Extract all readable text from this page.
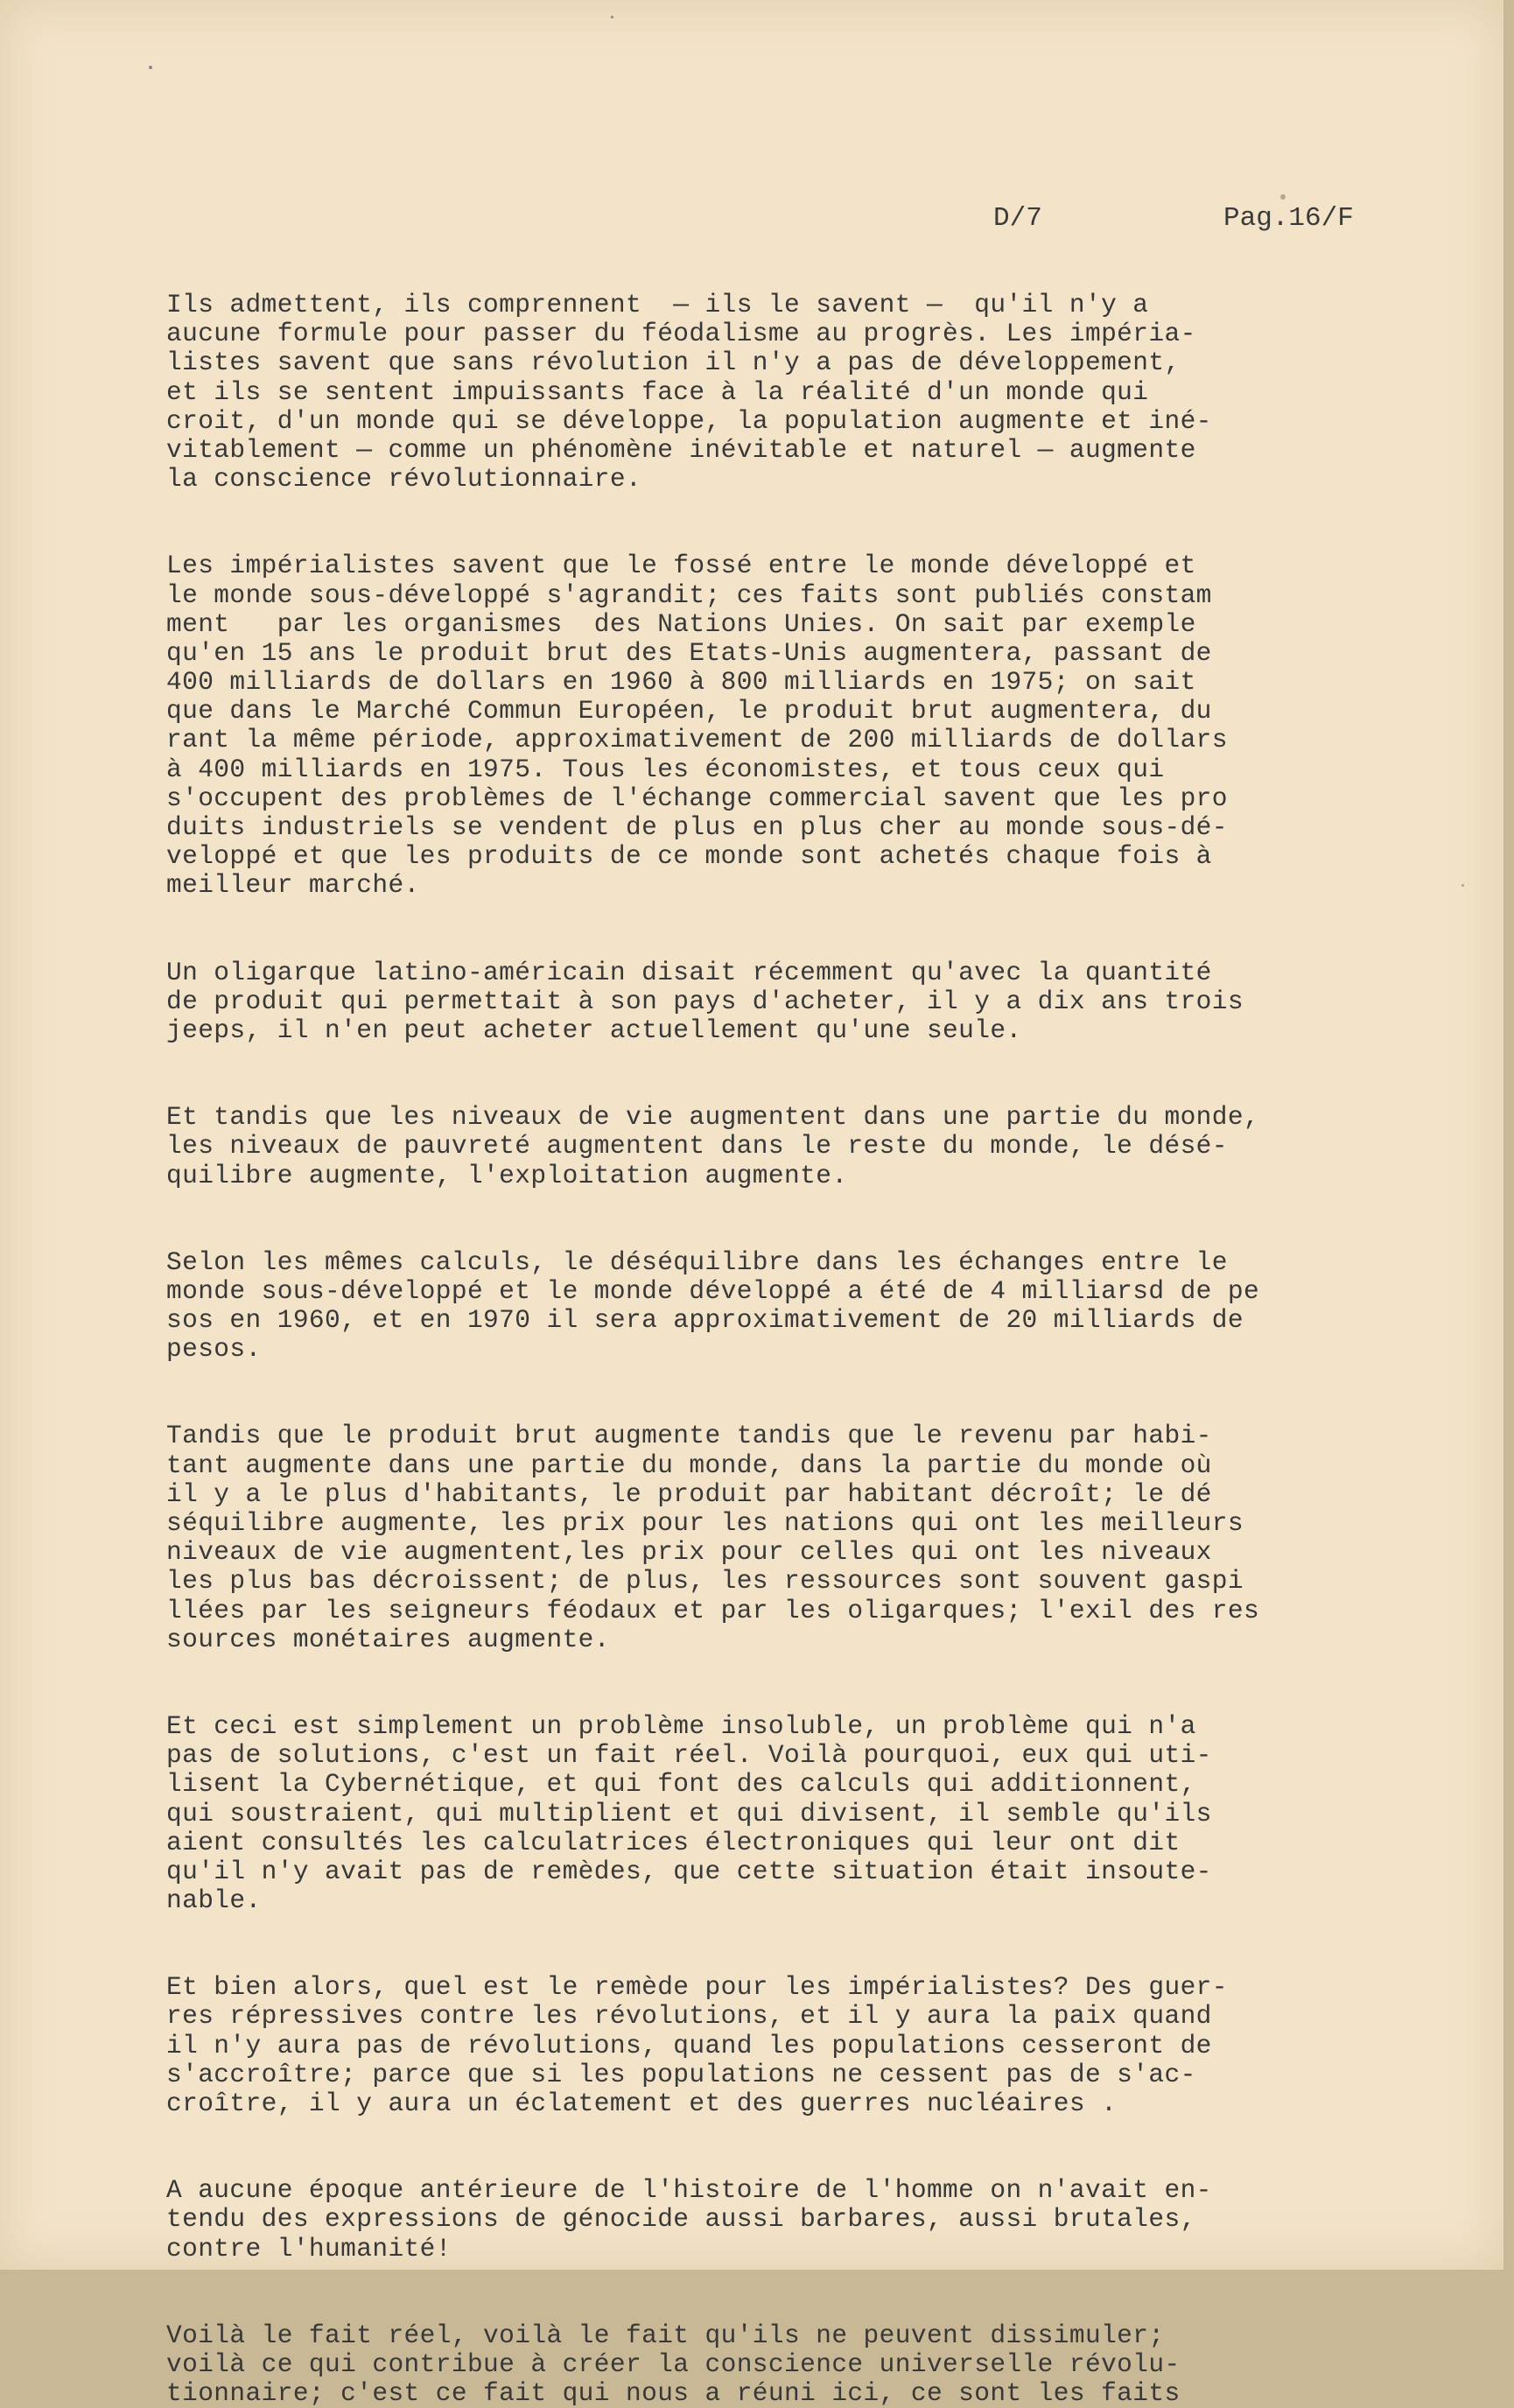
D/7	Pag.16/F
Ils admettent, ils comprennent  — ils le savent —  qu'il n'y a
aucune formule pour passer du féodalisme au progrès. Les impéria-
listes savent que sans révolution il n'y a pas de développement,
et ils se sentent impuissants face à la réalité d'un monde qui
croit, d'un monde qui se développe, la population augmente et iné-
vitablement — comme un phénomène inévitable et naturel — augmente
la conscience révolutionnaire.
Les impérialistes savent que le fossé entre le monde développé et
le monde sous-développé s'agrandit; ces faits sont publiés constam
ment   par les organismes  des Nations Unies. On sait par exemple
qu'en 15 ans le produit brut des Etats-Unis augmentera, passant de
400 milliards de dollars en 1960 à 800 milliards en 1975; on sait
que dans le Marché Commun Européen, le produit brut augmentera, du
rant la même période, approximativement de 200 milliards de dollars
à 400 milliards en 1975. Tous les économistes, et tous ceux qui
s'occupent des problèmes de l'échange commercial savent que les pro
duits industriels se vendent de plus en plus cher au monde sous-dé-
veloppé et que les produits de ce monde sont achetés chaque fois à
meilleur marché.
Un oligarque latino-américain disait récemment qu'avec la quantité
de produit qui permettait à son pays d'acheter, il y a dix ans trois
jeeps, il n'en peut acheter actuellement qu'une seule.
Et tandis que les niveaux de vie augmentent dans une partie du monde,
les niveaux de pauvreté augmentent dans le reste du monde, le désé-
quilibre augmente, l'exploitation augmente.
Selon les mêmes calculs, le déséquilibre dans les échanges entre le
monde sous-développé et le monde développé a été de 4 milliarsd de pe
sos en 1960, et en 1970 il sera approximativement de 20 milliards de
pesos.
Tandis que le produit brut augmente tandis que le revenu par habi-
tant augmente dans une partie du monde, dans la partie du monde où
il y a le plus d'habitants, le produit par habitant décroît; le dé
séquilibre augmente, les prix pour les nations qui ont les meilleurs
niveaux de vie augmentent,les prix pour celles qui ont les niveaux
les plus bas décroissent; de plus, les ressources sont souvent gaspi
llées par les seigneurs féodaux et par les oligarques; l'exil des res
sources monétaires augmente.
Et ceci est simplement un problème insoluble, un problème qui n'a
pas de solutions, c'est un fait réel. Voilà pourquoi, eux qui uti-
lisent la Cybernétique, et qui font des calculs qui additionnent,
qui soustraient, qui multiplient et qui divisent, il semble qu'ils
aient consultés les calculatrices électroniques qui leur ont dit
qu'il n'y avait pas de remèdes, que cette situation était insoute-
nable.
Et bien alors, quel est le remède pour les impérialistes? Des guer-
res répressives contre les révolutions, et il y aura la paix quand
il n'y aura pas de révolutions, quand les populations cesseront de
s'accroître; parce que si les populations ne cessent pas de s'ac-
croître, il y aura un éclatement et des guerres nucléaires .
A aucune époque antérieure de l'histoire de l'homme on n'avait en-
tendu des expressions de génocide aussi barbares, aussi brutales,
contre l'humanité!
Voilà le fait réel, voilà le fait qu'ils ne peuvent dissimuler;
voilà ce qui contribue à créer la conscience universelle révolu-
tionnaire; c'est ce fait qui nous a réuni ici, ce sont les faits
